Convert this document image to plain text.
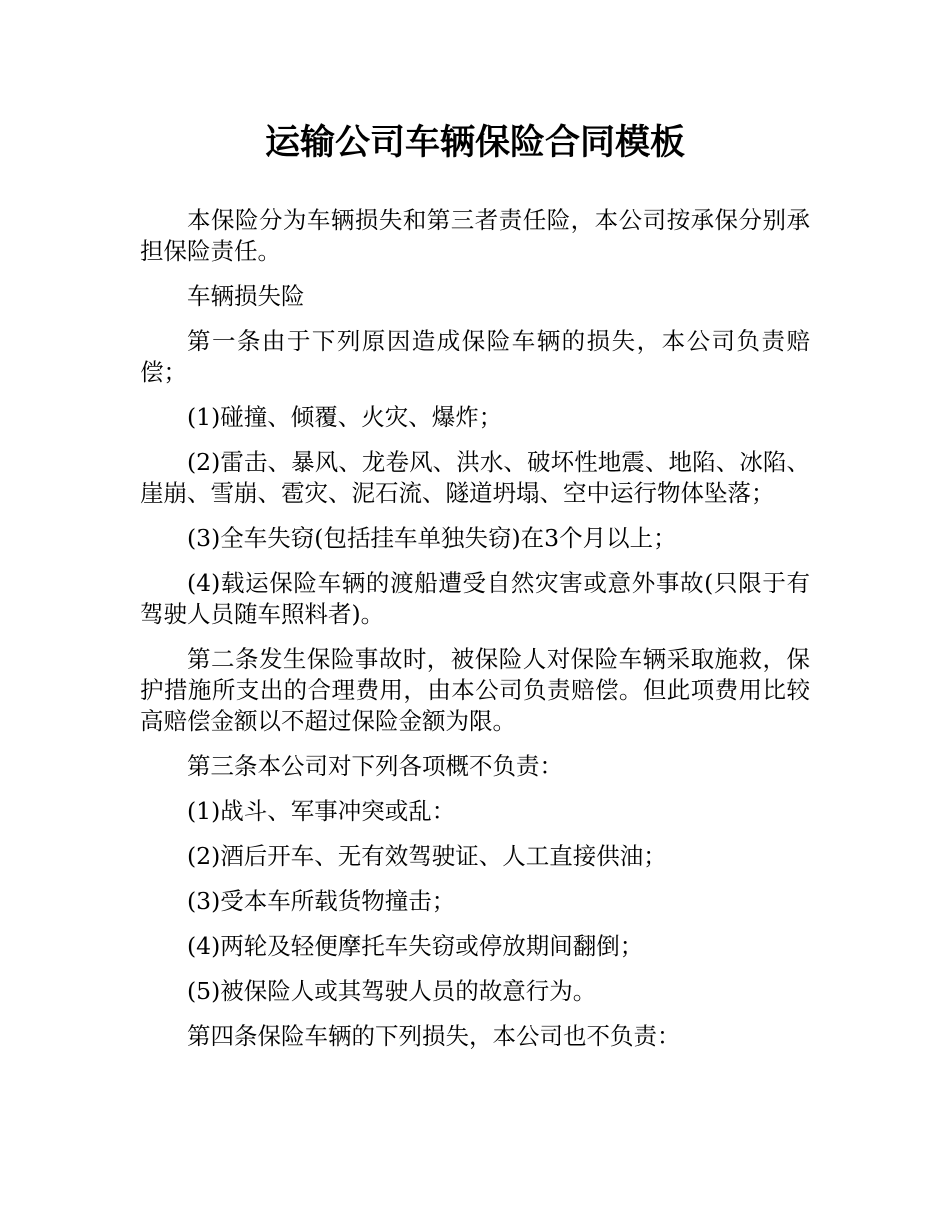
运输公司车辆保险合同模板

本保险分为车辆损失和第三者责任险，本公司按承保分别承担保险责任。

车辆损失险

第一条由于下列原因造成保险车辆的损失，本公司负责赔偿；

(1)碰撞、倾覆、火灾、爆炸；

(2)雷击、暴风、龙卷风、洪水、破坏性地震、地陷、冰陷、崖崩、雪崩、雹灾、泥石流、隧道坍塌、空中运行物体坠落；

(3)全车失窃(包括挂车单独失窃)在3个月以上；

(4)载运保险车辆的渡船遭受自然灾害或意外事故(只限于有驾驶人员随车照料者)。

第二条发生保险事故时，被保险人对保险车辆采取施救，保护措施所支出的合理费用，由本公司负责赔偿。但此项费用比较高赔偿金额以不超过保险金额为限。

第三条本公司对下列各项概不负责：

(1)战斗、军事冲突或乱：

(2)酒后开车、无有效驾驶证、人工直接供油；

(3)受本车所载货物撞击；

(4)两轮及轻便摩托车失窃或停放期间翻倒；

(5)被保险人或其驾驶人员的故意行为。

第四条保险车辆的下列损失，本公司也不负责：
